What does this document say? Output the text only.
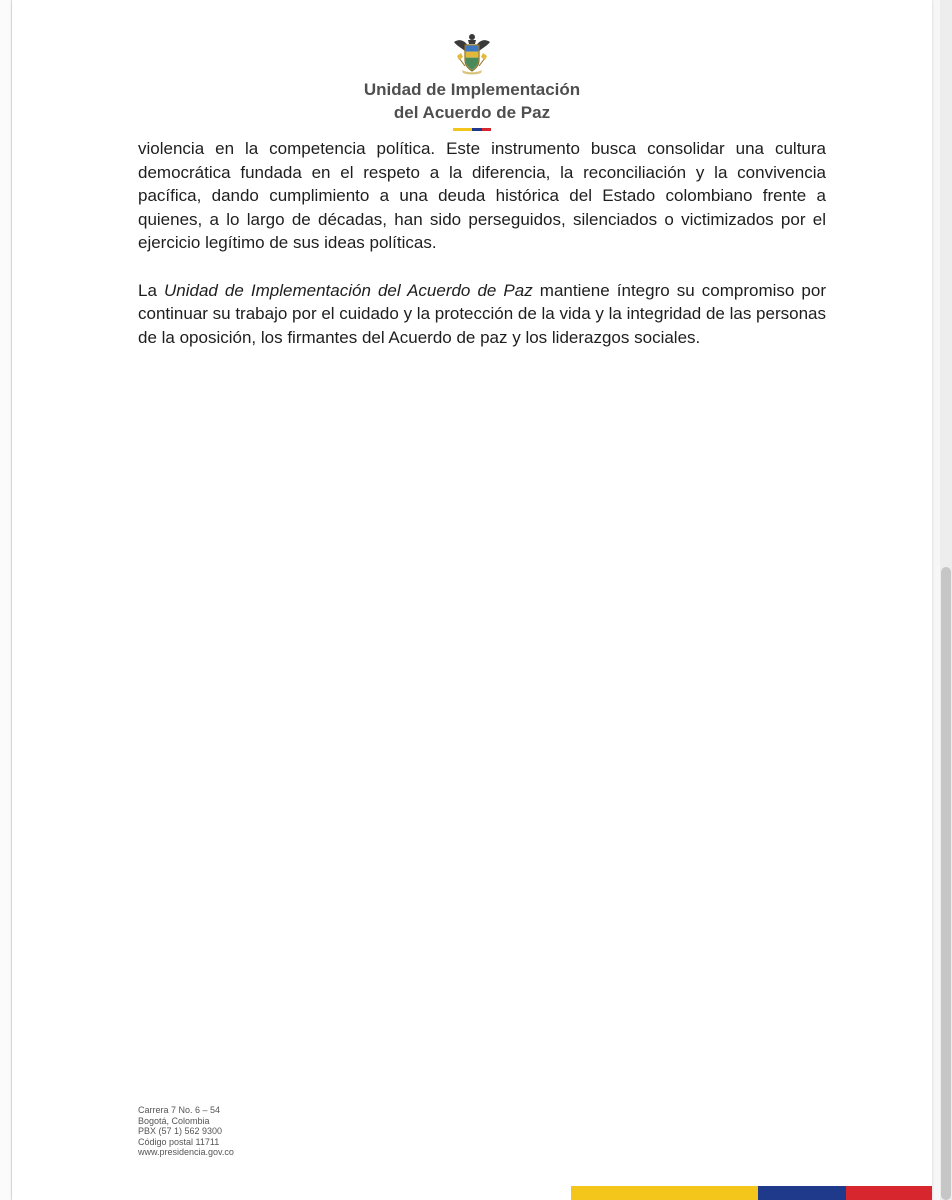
Unidad de Implementación
del Acuerdo de Paz

violencia en la competencia política. Este instrumento busca consolidar una cultura democrática fundada en el respeto a la diferencia, la reconciliación y la convivencia pacífica, dando cumplimiento a una deuda histórica del Estado colombiano frente a quienes, a lo largo de décadas, han sido perseguidos, silenciados o victimizados por el ejercicio legítimo de sus ideas políticas.

La Unidad de Implementación del Acuerdo de Paz mantiene íntegro su compromiso por continuar su trabajo por el cuidado y la protección de la vida y la integridad de las personas de la oposición, los firmantes del Acuerdo de paz y los liderazgos sociales.

Carrera 7 No. 6 – 54
Bogotá, Colombia
PBX (57 1) 562 9300
Código postal 11711
www.presidencia.gov.co
